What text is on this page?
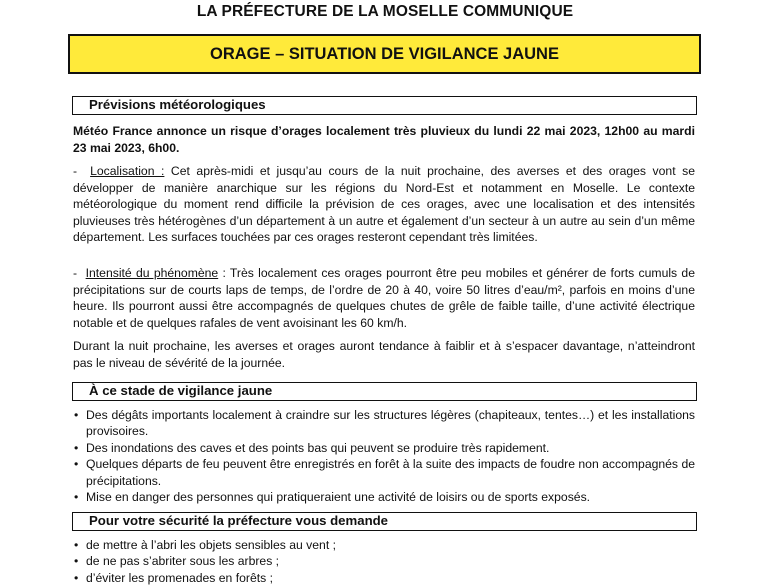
LA PRÉFECTURE DE LA MOSELLE COMMUNIQUE
ORAGE – SITUATION DE VIGILANCE JAUNE
Prévisions météorologiques

Météo France annonce un risque d’orages localement très pluvieux du lundi 22 mai 2023, 12h00 au mardi 23 mai 2023, 6h00.

- Localisation : Cet après-midi et jusqu’au cours de la nuit prochaine, des averses et des orages vont se développer de manière anarchique sur les régions du Nord-Est et notamment en Moselle. Le contexte météorologique du moment rend difficile la prévision de ces orages, avec une localisation et des intensités pluvieuses très hétérogènes d’un département à un autre et également d’un secteur à un autre au sein d’un même département. Les surfaces touchées par ces orages resteront cependant très limitées.

- Intensité du phénomène : Très localement ces orages pourront être peu mobiles et générer de forts cumuls de précipitations sur de courts laps de temps, de l’ordre de 20 à 40, voire 50 litres d’eau/m², parfois en moins d’une heure. Ils pourront aussi être accompagnés de quelques chutes de grêle de faible taille, d’une activité électrique notable et de quelques rafales de vent avoisinant les 60 km/h.

Durant la nuit prochaine, les averses et orages auront tendance à faiblir et à s’espacer davantage, n’atteindront pas le niveau de sévérité de la journée.

À ce stade de vigilance jaune
• Des dégâts importants localement à craindre sur les structures légères (chapiteaux, tentes…) et les installations provisoires.
• Des inondations des caves et des points bas qui peuvent se produire très rapidement.
• Quelques départs de feu peuvent être enregistrés en forêt à la suite des impacts de foudre non accompagnés de précipitations.
• Mise en danger des personnes qui pratiqueraient une activité de loisirs ou de sports exposés.
Pour votre sécurité la préfecture vous demande
• de mettre à l’abri les objets sensibles au vent ;
• de ne pas s’abriter sous les arbres ;
• d’éviter les promenades en forêts ;
